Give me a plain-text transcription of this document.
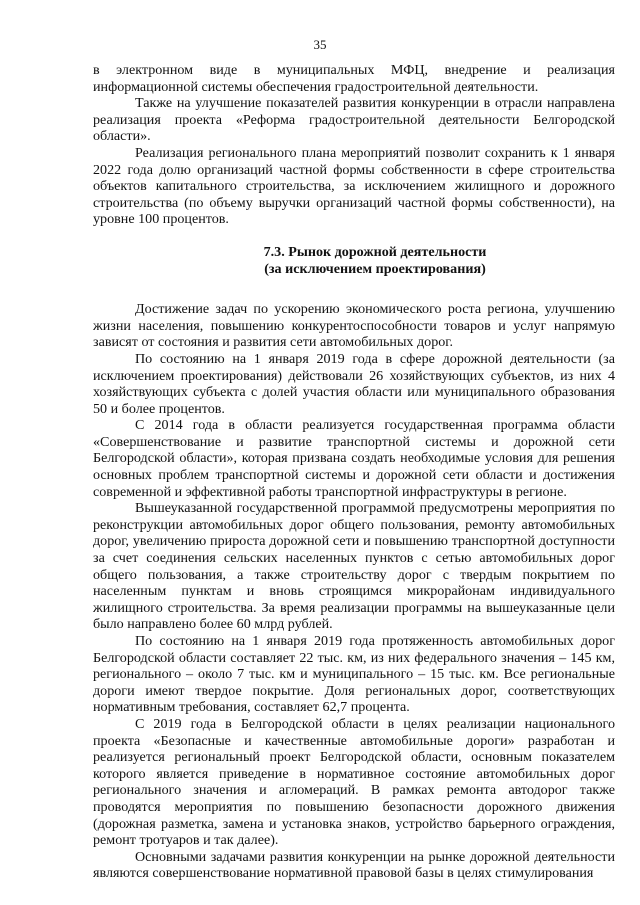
35

в электронном виде в муниципальных МФЦ, внедрение и реализация информационной системы обеспечения градостроительной деятельности.

Также на улучшение показателей развития конкуренции в отрасли направлена реализация проекта «Реформа градостроительной деятельности Белгородской области».

Реализация регионального плана мероприятий позволит сохранить к 1 января 2022 года долю организаций частной формы собственности в сфере строительства объектов капитального строительства, за исключением жилищного и дорожного строительства (по объему выручки организаций частной формы собственности), на уровне 100 процентов.

7.3. Рынок дорожной деятельности

(за исключением проектирования)

Достижение задач по ускорению экономического роста региона, улучшению жизни населения, повышению конкурентоспособности товаров и услуг напрямую зависят от состояния и развития сети автомобильных дорог.

По состоянию на 1 января 2019 года в сфере дорожной деятельности (за исключением проектирования) действовали 26 хозяйствующих субъектов, из них 4 хозяйствующих субъекта с долей участия области или муниципального образования 50 и более процентов.

С 2014 года в области реализуется государственная программа области «Совершенствование и развитие транспортной системы и дорожной сети Белгородской области», которая призвана создать необходимые условия для решения основных проблем транспортной системы и дорожной сети области и достижения современной и эффективной работы транспортной инфраструктуры в регионе.

Вышеуказанной государственной программой предусмотрены мероприятия по реконструкции автомобильных дорог общего пользования, ремонту автомобильных дорог, увеличению прироста дорожной сети и повышению транспортной доступности за счет соединения сельских населенных пунктов с сетью автомобильных дорог общего пользования, а также строительству дорог с твердым покрытием по населенным пунктам и вновь строящимся микрорайонам индивидуального жилищного строительства. За время реализации программы на вышеуказанные цели было направлено более 60 млрд рублей.

По состоянию на 1 января 2019 года протяженность автомобильных дорог Белгородской области составляет 22 тыс. км, из них федерального значения – 145 км, регионального – около 7 тыс. км и муниципального – 15 тыс. км. Все региональные дороги имеют твердое покрытие. Доля региональных дорог, соответствующих нормативным требования, составляет 62,7 процента.

С 2019 года в Белгородской области в целях реализации национального проекта «Безопасные и качественные автомобильные дороги» разработан и реализуется региональный проект Белгородской области, основным показателем которого является приведение в нормативное состояние автомобильных дорог регионального значения и агломераций. В рамках ремонта автодорог также проводятся мероприятия по повышению безопасности дорожного движения (дорожная разметка, замена и установка знаков, устройство барьерного ограждения, ремонт тротуаров и так далее).

Основными задачами развития конкуренции на рынке дорожной деятельности являются совершенствование нормативной правовой базы в целях стимулирования
